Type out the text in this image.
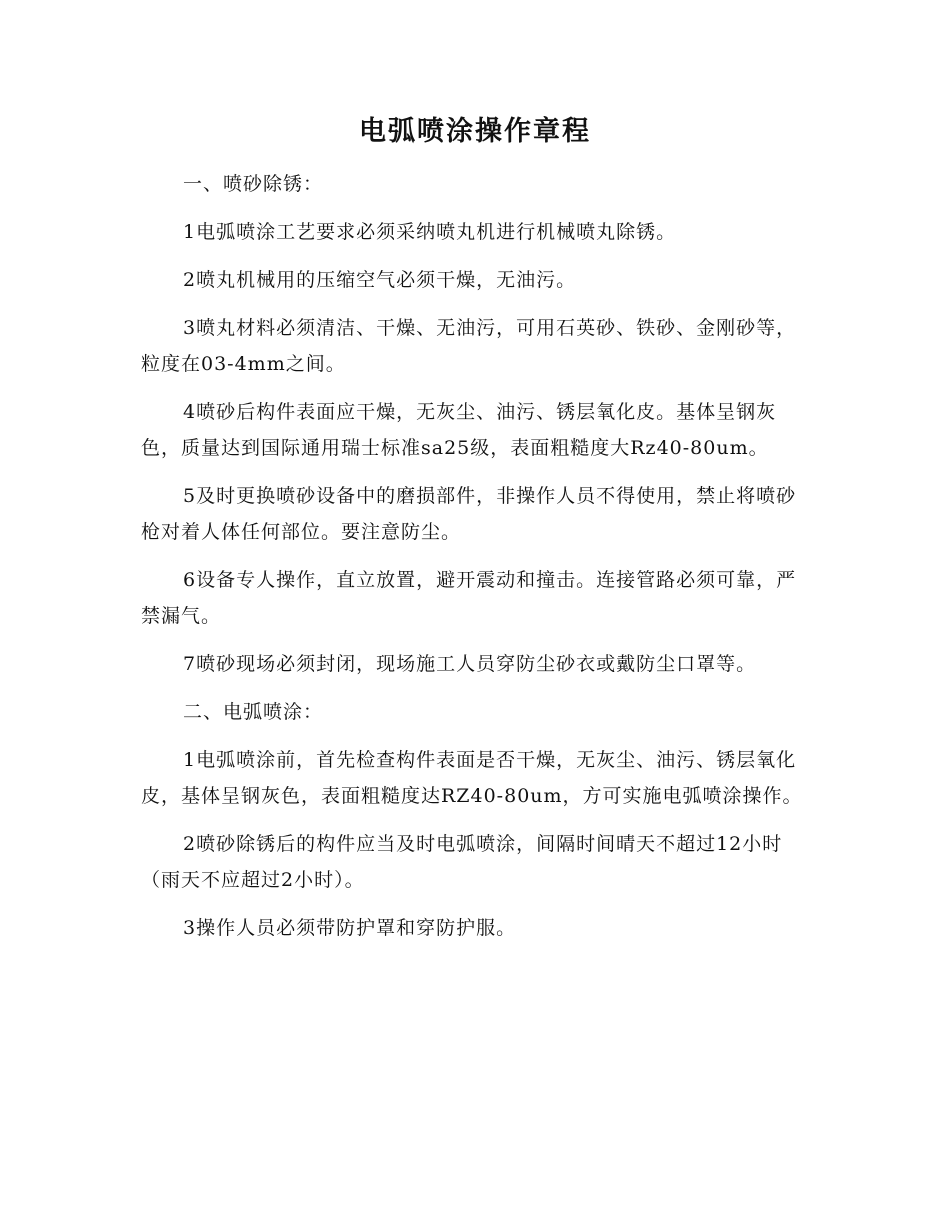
电弧喷涂操作章程

一、喷砂除锈：

1电弧喷涂工艺要求必须采纳喷丸机进行机械喷丸除锈。

2喷丸机械用的压缩空气必须干燥，无油污。

3喷丸材料必须清洁、干燥、无油污，可用石英砂、铁砂、金刚砂等，粒度在03-4mm之间。

4喷砂后构件表面应干燥，无灰尘、油污、锈层氧化皮。基体呈钢灰色，质量达到国际通用瑞士标准sa25级，表面粗糙度大Rz40-80um。

5及时更换喷砂设备中的磨损部件，非操作人员不得使用，禁止将喷砂枪对着人体任何部位。要注意防尘。

6设备专人操作，直立放置，避开震动和撞击。连接管路必须可靠，严禁漏气。

7喷砂现场必须封闭，现场施工人员穿防尘砂衣或戴防尘口罩等。

二、电弧喷涂：

1电弧喷涂前，首先检查构件表面是否干燥，无灰尘、油污、锈层氧化皮，基体呈钢灰色，表面粗糙度达RZ40-80um，方可实施电弧喷涂操作。

2喷砂除锈后的构件应当及时电弧喷涂，间隔时间晴天不超过12小时（雨天不应超过2小时）。

3操作人员必须带防护罩和穿防护服。
